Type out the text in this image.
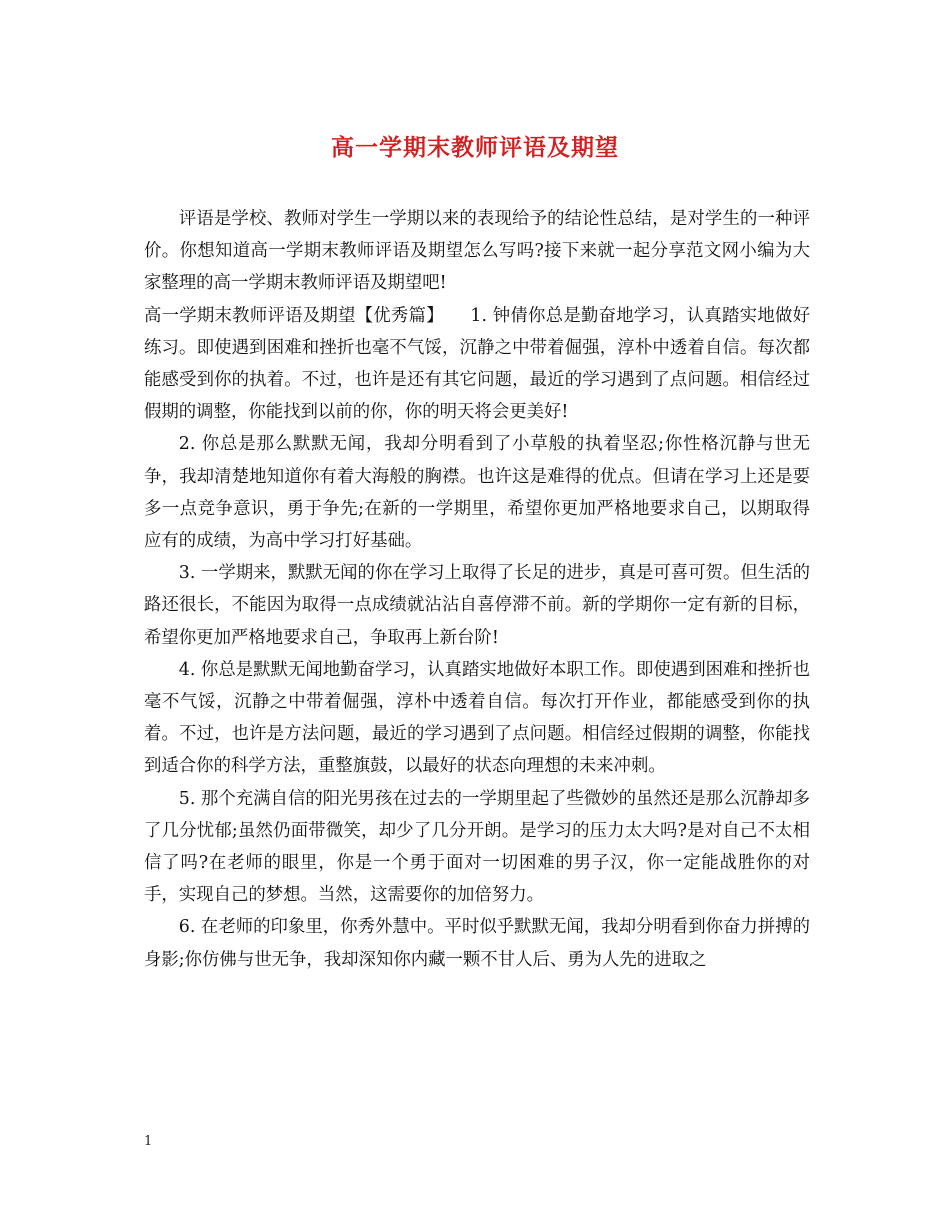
高一学期末教师评语及期望

评语是学校、教师对学生一学期以来的表现给予的结论性总结，是对学生的一种评价。你想知道高一学期末教师评语及期望怎么写吗?接下来就一起分享范文网小编为大家整理的高一学期末教师评语及期望吧!

高一学期末教师评语及期望【优秀篇】　　1. 钟倩你总是勤奋地学习，认真踏实地做好练习。即使遇到困难和挫折也毫不气馁，沉静之中带着倔强，淳朴中透着自信。每次都能感受到你的执着。不过，也许是还有其它问题，最近的学习遇到了点问题。相信经过假期的调整，你能找到以前的你，你的明天将会更美好!

2. 你总是那么默默无闻，我却分明看到了小草般的执着坚忍;你性格沉静与世无争，我却清楚地知道你有着大海般的胸襟。也许这是难得的优点。但请在学习上还是要多一点竞争意识，勇于争先;在新的一学期里，希望你更加严格地要求自己，以期取得应有的成绩，为高中学习打好基础。

3. 一学期来，默默无闻的你在学习上取得了长足的进步，真是可喜可贺。但生活的路还很长，不能因为取得一点成绩就沾沾自喜停滞不前。新的学期你一定有新的目标，希望你更加严格地要求自己，争取再上新台阶!

4. 你总是默默无闻地勤奋学习，认真踏实地做好本职工作。即使遇到困难和挫折也毫不气馁，沉静之中带着倔强，淳朴中透着自信。每次打开作业，都能感受到你的执着。不过，也许是方法问题，最近的学习遇到了点问题。相信经过假期的调整，你能找到适合你的科学方法，重整旗鼓，以最好的状态向理想的未来冲刺。

5. 那个充满自信的阳光男孩在过去的一学期里起了些微妙的虽然还是那么沉静却多了几分忧郁;虽然仍面带微笑，却少了几分开朗。是学习的压力太大吗?是对自己不太相信了吗?在老师的眼里，你是一个勇于面对一切困难的男子汉，你一定能战胜你的对手，实现自己的梦想。当然，这需要你的加倍努力。

6. 在老师的印象里，你秀外慧中。平时似乎默默无闻，我却分明看到你奋力拼搏的身影;你仿佛与世无争，我却深知你内藏一颗不甘人后、勇为人先的进取之

1
